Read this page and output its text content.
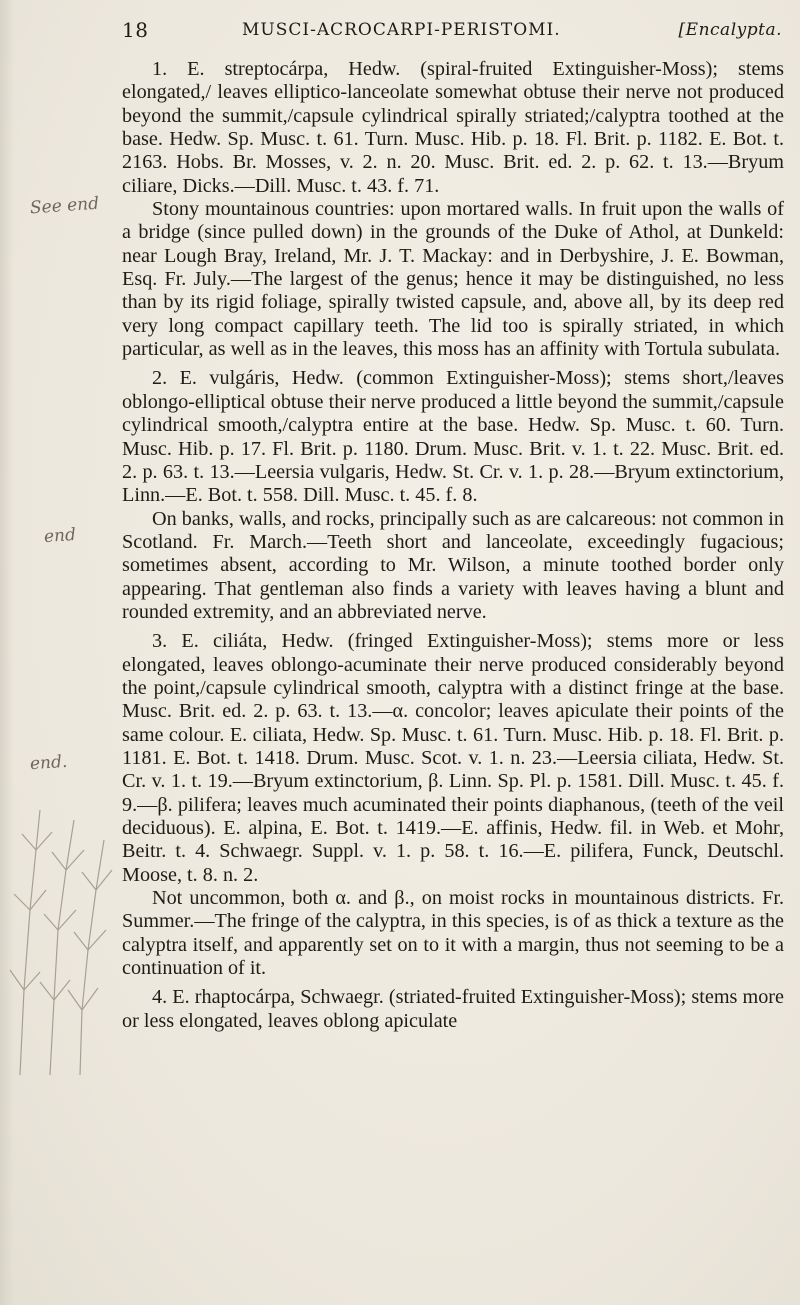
18	MUSCI-ACROCARPI-PERISTOMI.	[Encalypta.
See end
end
end.

1. E. streptocárpa, Hedw. (spiral-fruited Extinguisher-Moss); stems elongated,/ leaves elliptico-lanceolate somewhat obtuse their nerve not produced beyond the summit,/capsule cylindrical spirally striated;/calyptra toothed at the base. Hedw. Sp. Musc. t. 61. Turn. Musc. Hib. p. 18. Fl. Brit. p. 1182. E. Bot. t. 2163. Hobs. Br. Mosses, v. 2. n. 20. Musc. Brit. ed. 2. p. 62. t. 13.—Bryum ciliare, Dicks.—Dill. Musc. t. 43. f. 71.

Stony mountainous countries: upon mortared walls. In fruit upon the walls of a bridge (since pulled down) in the grounds of the Duke of Athol, at Dunkeld: near Lough Bray, Ireland, Mr. J. T. Mackay: and in Derbyshire, J. E. Bowman, Esq. Fr. July.—The largest of the genus; hence it may be distinguished, no less than by its rigid foliage, spirally twisted capsule, and, above all, by its deep red very long compact capillary teeth. The lid too is spirally striated, in which particular, as well as in the leaves, this moss has an affinity with Tortula subulata.

2. E. vulgáris, Hedw. (common Extinguisher-Moss); stems short,/leaves oblongo-elliptical obtuse their nerve produced a little beyond the summit,/capsule cylindrical smooth,/calyptra entire at the base. Hedw. Sp. Musc. t. 60. Turn. Musc. Hib. p. 17. Fl. Brit. p. 1180. Drum. Musc. Brit. v. 1. t. 22. Musc. Brit. ed. 2. p. 63. t. 13.—Leersia vulgaris, Hedw. St. Cr. v. 1. p. 28.—Bryum extinctorium, Linn.—E. Bot. t. 558. Dill. Musc. t. 45. f. 8.

On banks, walls, and rocks, principally such as are calcareous: not common in Scotland. Fr. March.—Teeth short and lanceolate, exceedingly fugacious; sometimes absent, according to Mr. Wilson, a minute toothed border only appearing. That gentleman also finds a variety with leaves having a blunt and rounded extremity, and an abbreviated nerve.

3. E. ciliáta, Hedw. (fringed Extinguisher-Moss); stems more or less elongated, leaves oblongo-acuminate their nerve produced considerably beyond the point,/capsule cylindrical smooth, calyptra with a distinct fringe at the base. Musc. Brit. ed. 2. p. 63. t. 13.—α. concolor; leaves apiculate their points of the same colour. E. ciliata, Hedw. Sp. Musc. t. 61. Turn. Musc. Hib. p. 18. Fl. Brit. p. 1181. E. Bot. t. 1418. Drum. Musc. Scot. v. 1. n. 23.—Leersia ciliata, Hedw. St. Cr. v. 1. t. 19.—Bryum extinctorium, β. Linn. Sp. Pl. p. 1581. Dill. Musc. t. 45. f. 9.—β. pilifera; leaves much acuminated their points diaphanous, (teeth of the veil deciduous). E. alpina, E. Bot. t. 1419.—E. affinis, Hedw. fil. in Web. et Mohr, Beitr. t. 4. Schwaegr. Suppl. v. 1. p. 58. t. 16.—E. pilifera, Funck, Deutschl. Moose, t. 8. n. 2.

Not uncommon, both α. and β., on moist rocks in mountainous districts. Fr. Summer.—The fringe of the calyptra, in this species, is of as thick a texture as the calyptra itself, and apparently set on to it with a margin, thus not seeming to be a continuation of it.

4. E. rhaptocárpa, Schwaegr. (striated-fruited Extinguisher-Moss); stems more or less elongated, leaves oblong apiculate
